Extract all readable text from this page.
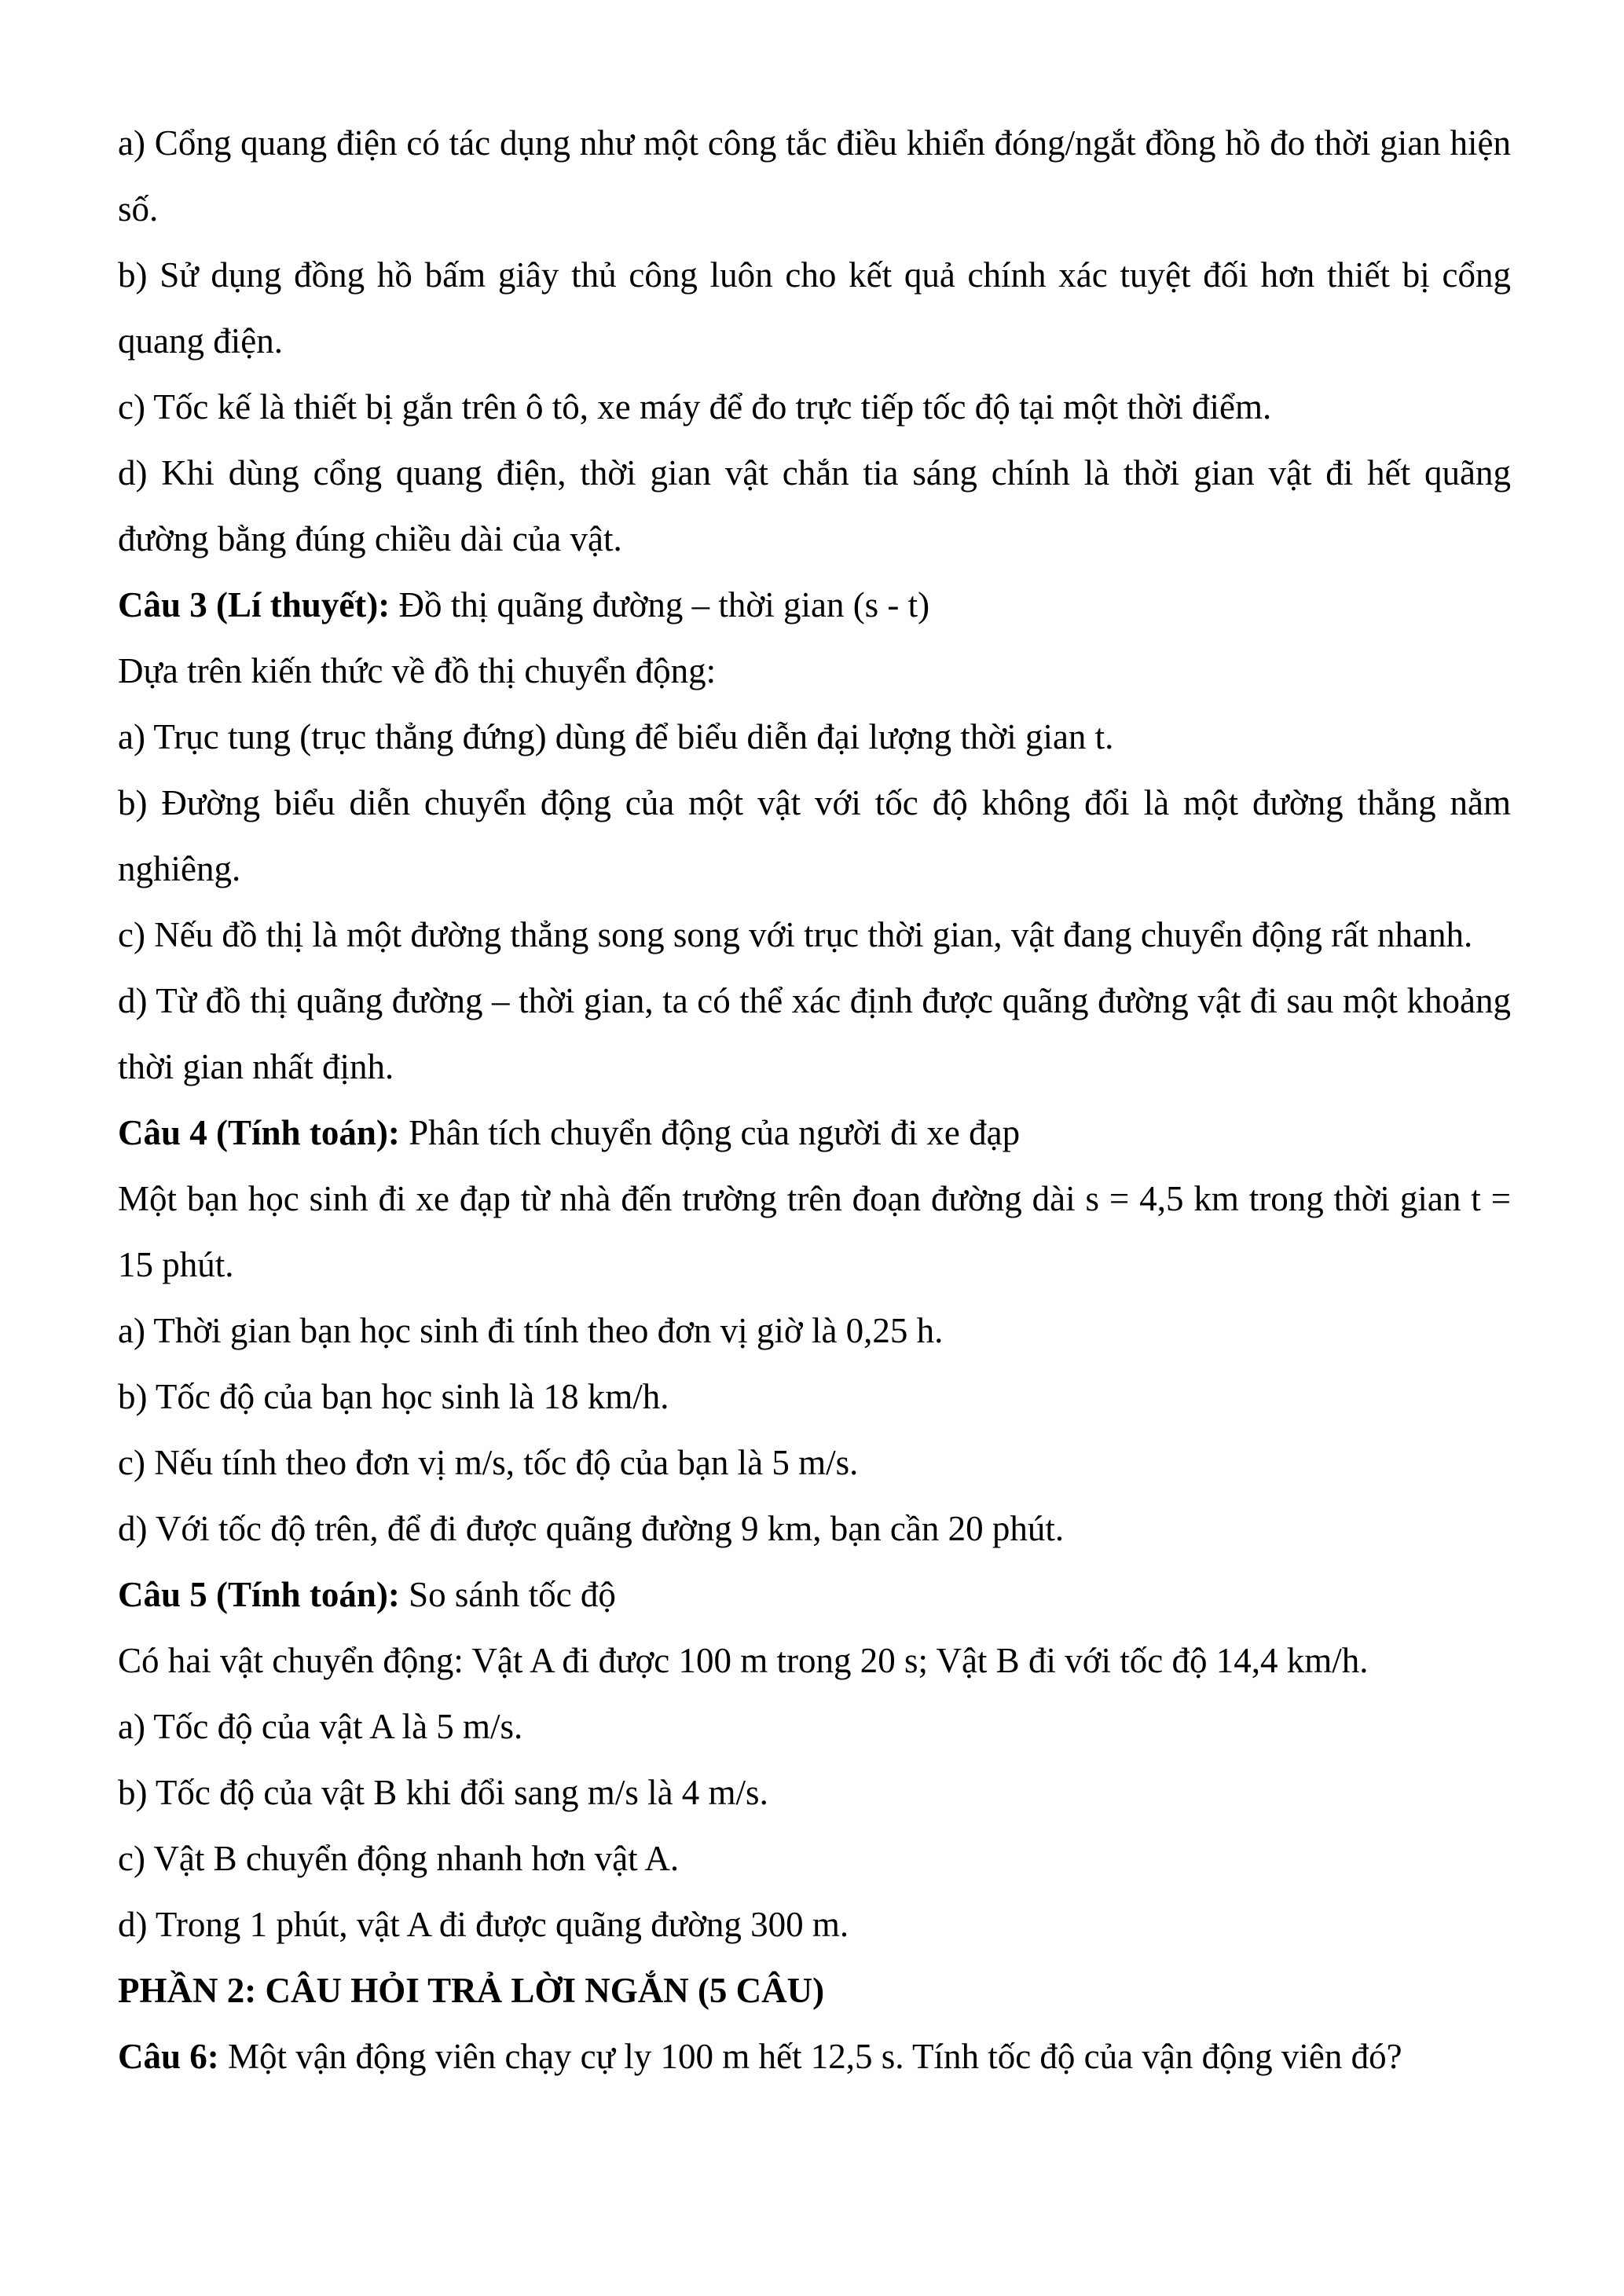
a) Cổng quang điện có tác dụng như một công tắc điều khiển đóng/ngắt đồng hồ đo thời gian hiện số.

b) Sử dụng đồng hồ bấm giây thủ công luôn cho kết quả chính xác tuyệt đối hơn thiết bị cổng quang điện.

c) Tốc kế là thiết bị gắn trên ô tô, xe máy để đo trực tiếp tốc độ tại một thời điểm.

d) Khi dùng cổng quang điện, thời gian vật chắn tia sáng chính là thời gian vật đi hết quãng đường bằng đúng chiều dài của vật.

Câu 3 (Lí thuyết): Đồ thị quãng đường – thời gian (s - t)

Dựa trên kiến thức về đồ thị chuyển động:

a) Trục tung (trục thẳng đứng) dùng để biểu diễn đại lượng thời gian t.

b) Đường biểu diễn chuyển động của một vật với tốc độ không đổi là một đường thẳng nằm nghiêng.

c) Nếu đồ thị là một đường thẳng song song với trục thời gian, vật đang chuyển động rất nhanh.

d) Từ đồ thị quãng đường – thời gian, ta có thể xác định được quãng đường vật đi sau một khoảng thời gian nhất định.

Câu 4 (Tính toán): Phân tích chuyển động của người đi xe đạp

Một bạn học sinh đi xe đạp từ nhà đến trường trên đoạn đường dài s = 4,5 km trong thời gian t = 15 phút.

a) Thời gian bạn học sinh đi tính theo đơn vị giờ là 0,25 h.

b) Tốc độ của bạn học sinh là 18 km/h.

c) Nếu tính theo đơn vị m/s, tốc độ của bạn là 5 m/s.

d) Với tốc độ trên, để đi được quãng đường 9 km, bạn cần 20 phút.

Câu 5 (Tính toán): So sánh tốc độ

Có hai vật chuyển động: Vật A đi được 100 m trong 20 s; Vật B đi với tốc độ 14,4 km/h.

a) Tốc độ của vật A là 5 m/s.

b) Tốc độ của vật B khi đổi sang m/s là 4 m/s.

c) Vật B chuyển động nhanh hơn vật A.

d) Trong 1 phút, vật A đi được quãng đường 300 m.

PHẦN 2: CÂU HỎI TRẢ LỜI NGẮN (5 CÂU)

Câu 6: Một vận động viên chạy cự ly 100 m hết 12,5 s. Tính tốc độ của vận động viên đó?
